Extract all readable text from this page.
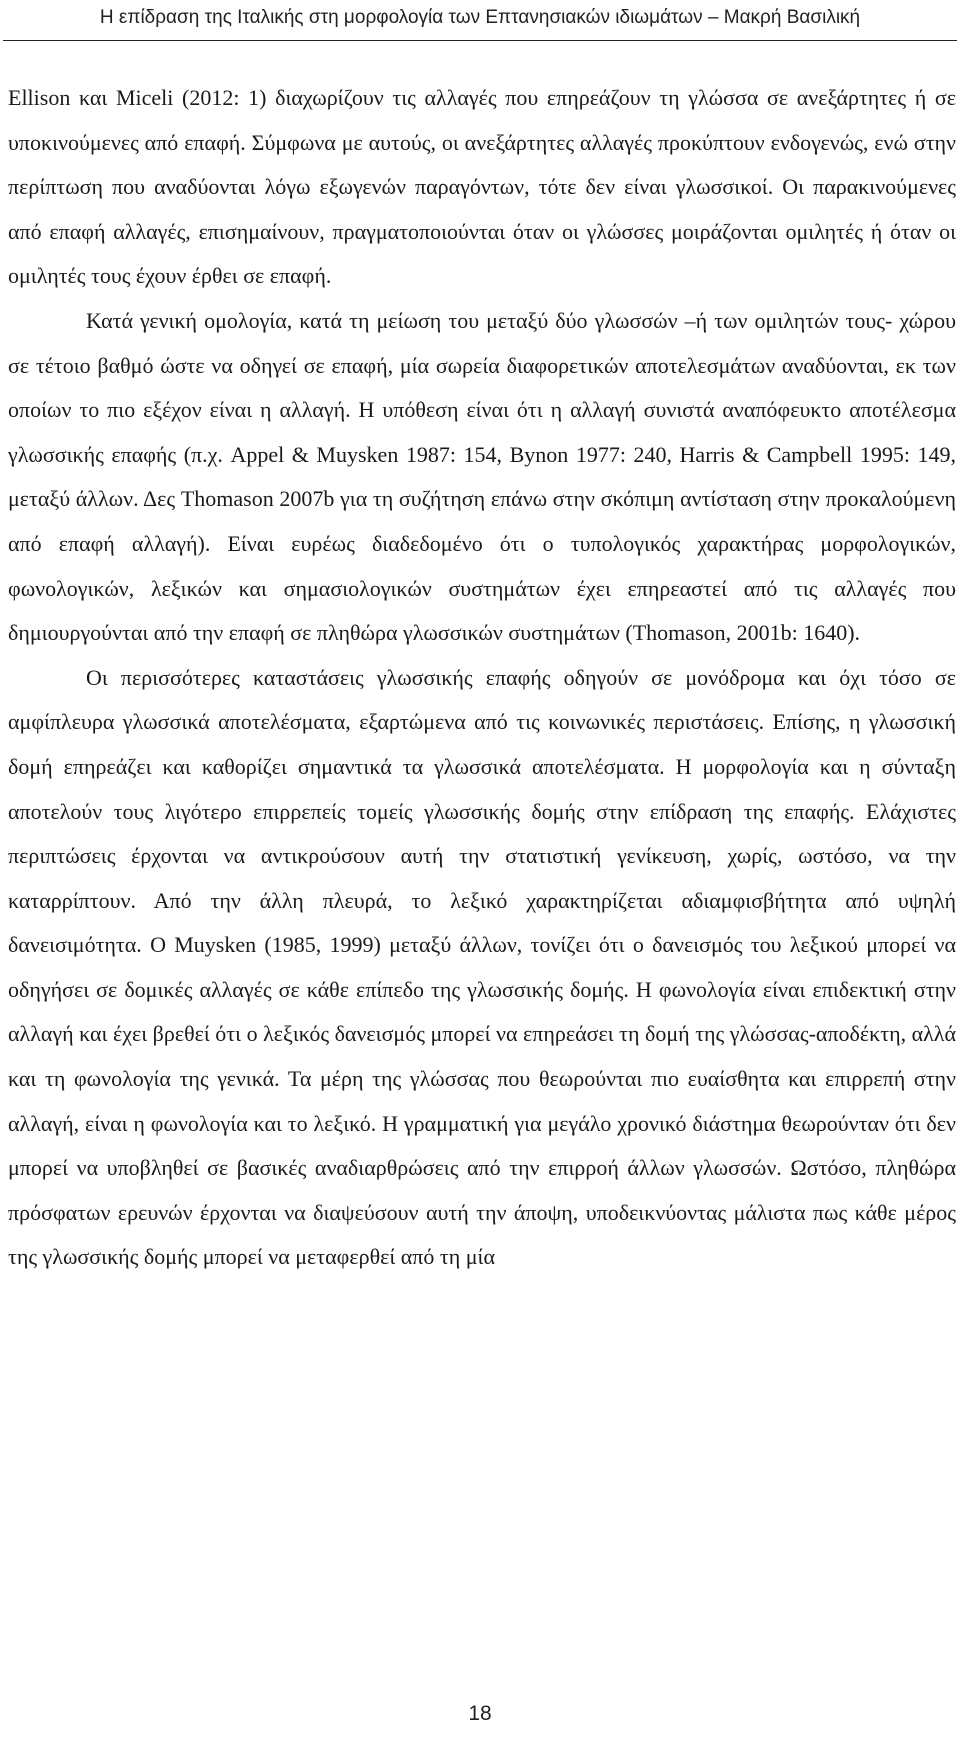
Η επίδραση της Ιταλικής στη μορφολογία των Επτανησιακών ιδιωμάτων – Μακρή Βασιλική

Ellison και Miceli (2012: 1) διαχωρίζουν τις αλλαγές που επηρεάζουν τη γλώσσα σε ανεξάρτητες ή σε υποκινούμενες από επαφή. Σύμφωνα με αυτούς, οι ανεξάρτητες αλλαγές προκύπτουν ενδογενώς, ενώ στην περίπτωση που αναδύονται λόγω εξωγενών παραγόντων, τότε δεν είναι γλωσσικοί. Οι παρακινούμενες από επαφή αλλαγές, επισημαίνουν, πραγματοποιούνται όταν οι γλώσσες μοιράζονται ομιλητές ή όταν οι ομιλητές τους έχουν έρθει σε επαφή.

Κατά γενική ομολογία, κατά τη μείωση του μεταξύ δύο γλωσσών –ή των ομιλητών τους- χώρου σε τέτοιο βαθμό ώστε να οδηγεί σε επαφή, μία σωρεία διαφορετικών αποτελεσμάτων αναδύονται, εκ των οποίων το πιο εξέχον είναι η αλλαγή. Η υπόθεση είναι ότι η αλλαγή συνιστά αναπόφευκτο αποτέλεσμα γλωσσικής επαφής (π.χ. Appel & Muysken 1987: 154, Bynon 1977: 240, Harris & Campbell 1995: 149, μεταξύ άλλων. Δες Thomason 2007b για τη συζήτηση επάνω στην σκόπιμη αντίσταση στην προκαλούμενη από επαφή αλλαγή). Είναι ευρέως διαδεδομένο ότι ο τυπολογικός χαρακτήρας μορφολογικών, φωνολογικών, λεξικών και σημασιολογικών συστημάτων έχει επηρεαστεί από τις αλλαγές που δημιουργούνται από την επαφή σε πληθώρα γλωσσικών συστημάτων (Thomason, 2001b: 1640).

Οι περισσότερες καταστάσεις γλωσσικής επαφής οδηγούν σε μονόδρομα και όχι τόσο σε αμφίπλευρα γλωσσικά αποτελέσματα, εξαρτώμενα από τις κοινωνικές περιστάσεις. Επίσης, η γλωσσική δομή επηρεάζει και καθορίζει σημαντικά τα γλωσσικά αποτελέσματα. Η μορφολογία και η σύνταξη αποτελούν τους λιγότερο επιρρεπείς τομείς γλωσσικής δομής στην επίδραση της επαφής. Ελάχιστες περιπτώσεις έρχονται να αντικρούσουν αυτή την στατιστική γενίκευση, χωρίς, ωστόσο, να την καταρρίπτουν. Από την άλλη πλευρά, το λεξικό χαρακτηρίζεται αδιαμφισβήτητα από υψηλή δανεισιμότητα. Ο Muysken (1985, 1999) μεταξύ άλλων, τονίζει ότι ο δανεισμός του λεξικού μπορεί να οδηγήσει σε δομικές αλλαγές σε κάθε επίπεδο της γλωσσικής δομής. Η φωνολογία είναι επιδεκτική στην αλλαγή και έχει βρεθεί ότι ο λεξικός δανεισμός μπορεί να επηρεάσει τη δομή της γλώσσας-αποδέκτη, αλλά και τη φωνολογία της γενικά. Τα μέρη της γλώσσας που θεωρούνται πιο ευαίσθητα και επιρρεπή στην αλλαγή, είναι η φωνολογία και το λεξικό. Η γραμματική για μεγάλο χρονικό διάστημα θεωρούνταν ότι δεν μπορεί να υποβληθεί σε βασικές αναδιαρθρώσεις από την επιρροή άλλων γλωσσών. Ωστόσο, πληθώρα πρόσφατων ερευνών έρχονται να διαψεύσουν αυτή την άποψη, υποδεικνύοντας μάλιστα πως κάθε μέρος της γλωσσικής δομής μπορεί να μεταφερθεί από τη μία

18
